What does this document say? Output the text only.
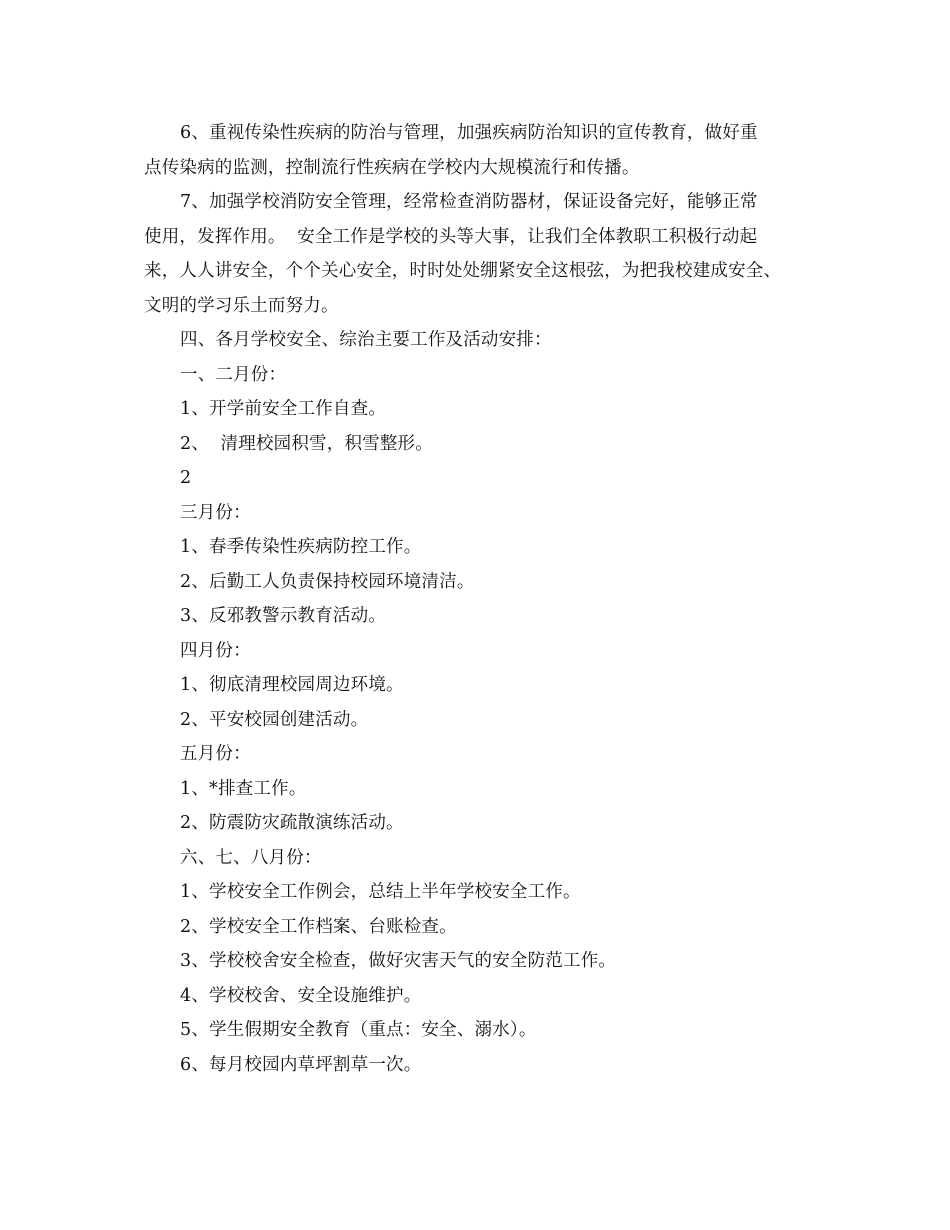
6、重视传染性疾病的防治与管理，加强疾病防治知识的宣传教育，做好重
点传染病的监测，控制流行性疾病在学校内大规模流行和传播。
7、加强学校消防安全管理，经常检查消防器材，保证设备完好，能够正常
使用，发挥作用。  安全工作是学校的头等大事，让我们全体教职工积极行动起
来，人人讲安全，个个关心安全，时时处处绷紧安全这根弦，为把我校建成安全、
文明的学习乐土而努力。
四、各月学校安全、综治主要工作及活动安排：
一、二月份：
1、开学前安全工作自查。
2、  清理校园积雪，积雪整形。
2
三月份：
1、春季传染性疾病防控工作。
2、后勤工人负责保持校园环境清洁。
3、反邪教警示教育活动。
四月份：
1、彻底清理校园周边环境。
2、平安校园创建活动。
五月份：
1、*排查工作。
2、防震防灾疏散演练活动。
六、七、八月份：
1、学校安全工作例会，总结上半年学校安全工作。
2、学校安全工作档案、台账检查。
3、学校校舍安全检查，做好灾害天气的安全防范工作。
4、学校校舍、安全设施维护。
5、学生假期安全教育（重点：安全、溺水）。
6、每月校园内草坪割草一次。
